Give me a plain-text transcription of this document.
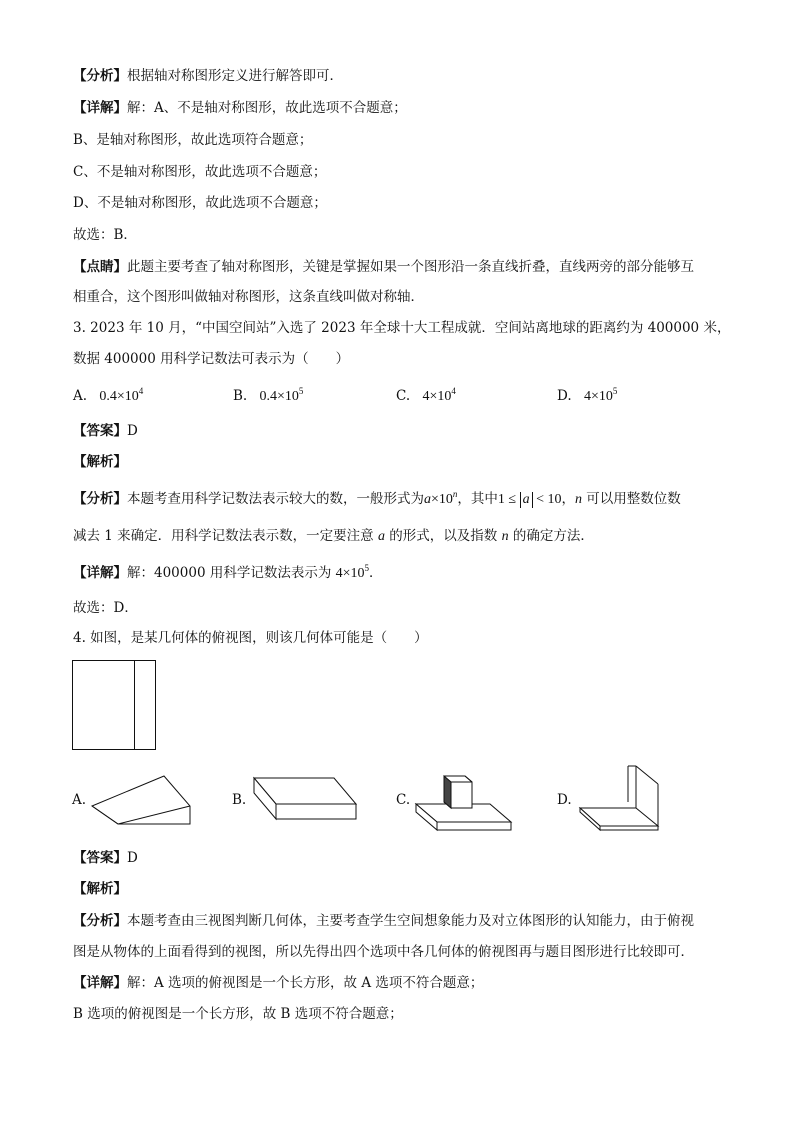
【分析】根据轴对称图形定义进行解答即可．
【详解】解：A、不是轴对称图形，故此选项不合题意；
B、是轴对称图形，故此选项符合题意；
C、不是轴对称图形，故此选项不合题意；
D、不是轴对称图形，故此选项不合题意；
故选：B．
【点睛】此题主要考查了轴对称图形，关键是掌握如果一个图形沿一条直线折叠，直线两旁的部分能够互
相重合，这个图形叫做轴对称图形，这条直线叫做对称轴．
3. 2023 年 10 月，“中国空间站”入选了 2023 年全球十大工程成就．空间站离地球的距离约为 400000 米，
数据 400000 用科学记数法可表示为（　　）
A. $0.4\times 10^4$	B. $0.4\times 10^5$	C. $4\times 10^4$	D. $4\times 10^5$
【答案】D
【解析】
【分析】本题考查用科学记数法表示较大的数，一般形式为$a\times 10^n$，其中1 ≤ a < 10，n 可以用整数位数
减去 1 来确定．用科学记数法表示数，一定要注意 a 的形式，以及指数 n 的确定方法．
【详解】解：400000 用科学记数法表示为 $4\times 10^5$．
故选：D．
4. 如图，是某几何体的俯视图，则该几何体可能是（　　）
A.	B.	C.	D.
【答案】D
【解析】
【分析】本题考查由三视图判断几何体，主要考查学生空间想象能力及对立体图形的认知能力，由于俯视
图是从物体的上面看得到的视图，所以先得出四个选项中各几何体的俯视图再与题目图形进行比较即可．
【详解】解：A 选项的俯视图是一个长方形，故 A 选项不符合题意；
B 选项的俯视图是一个长方形，故 B 选项不符合题意；
